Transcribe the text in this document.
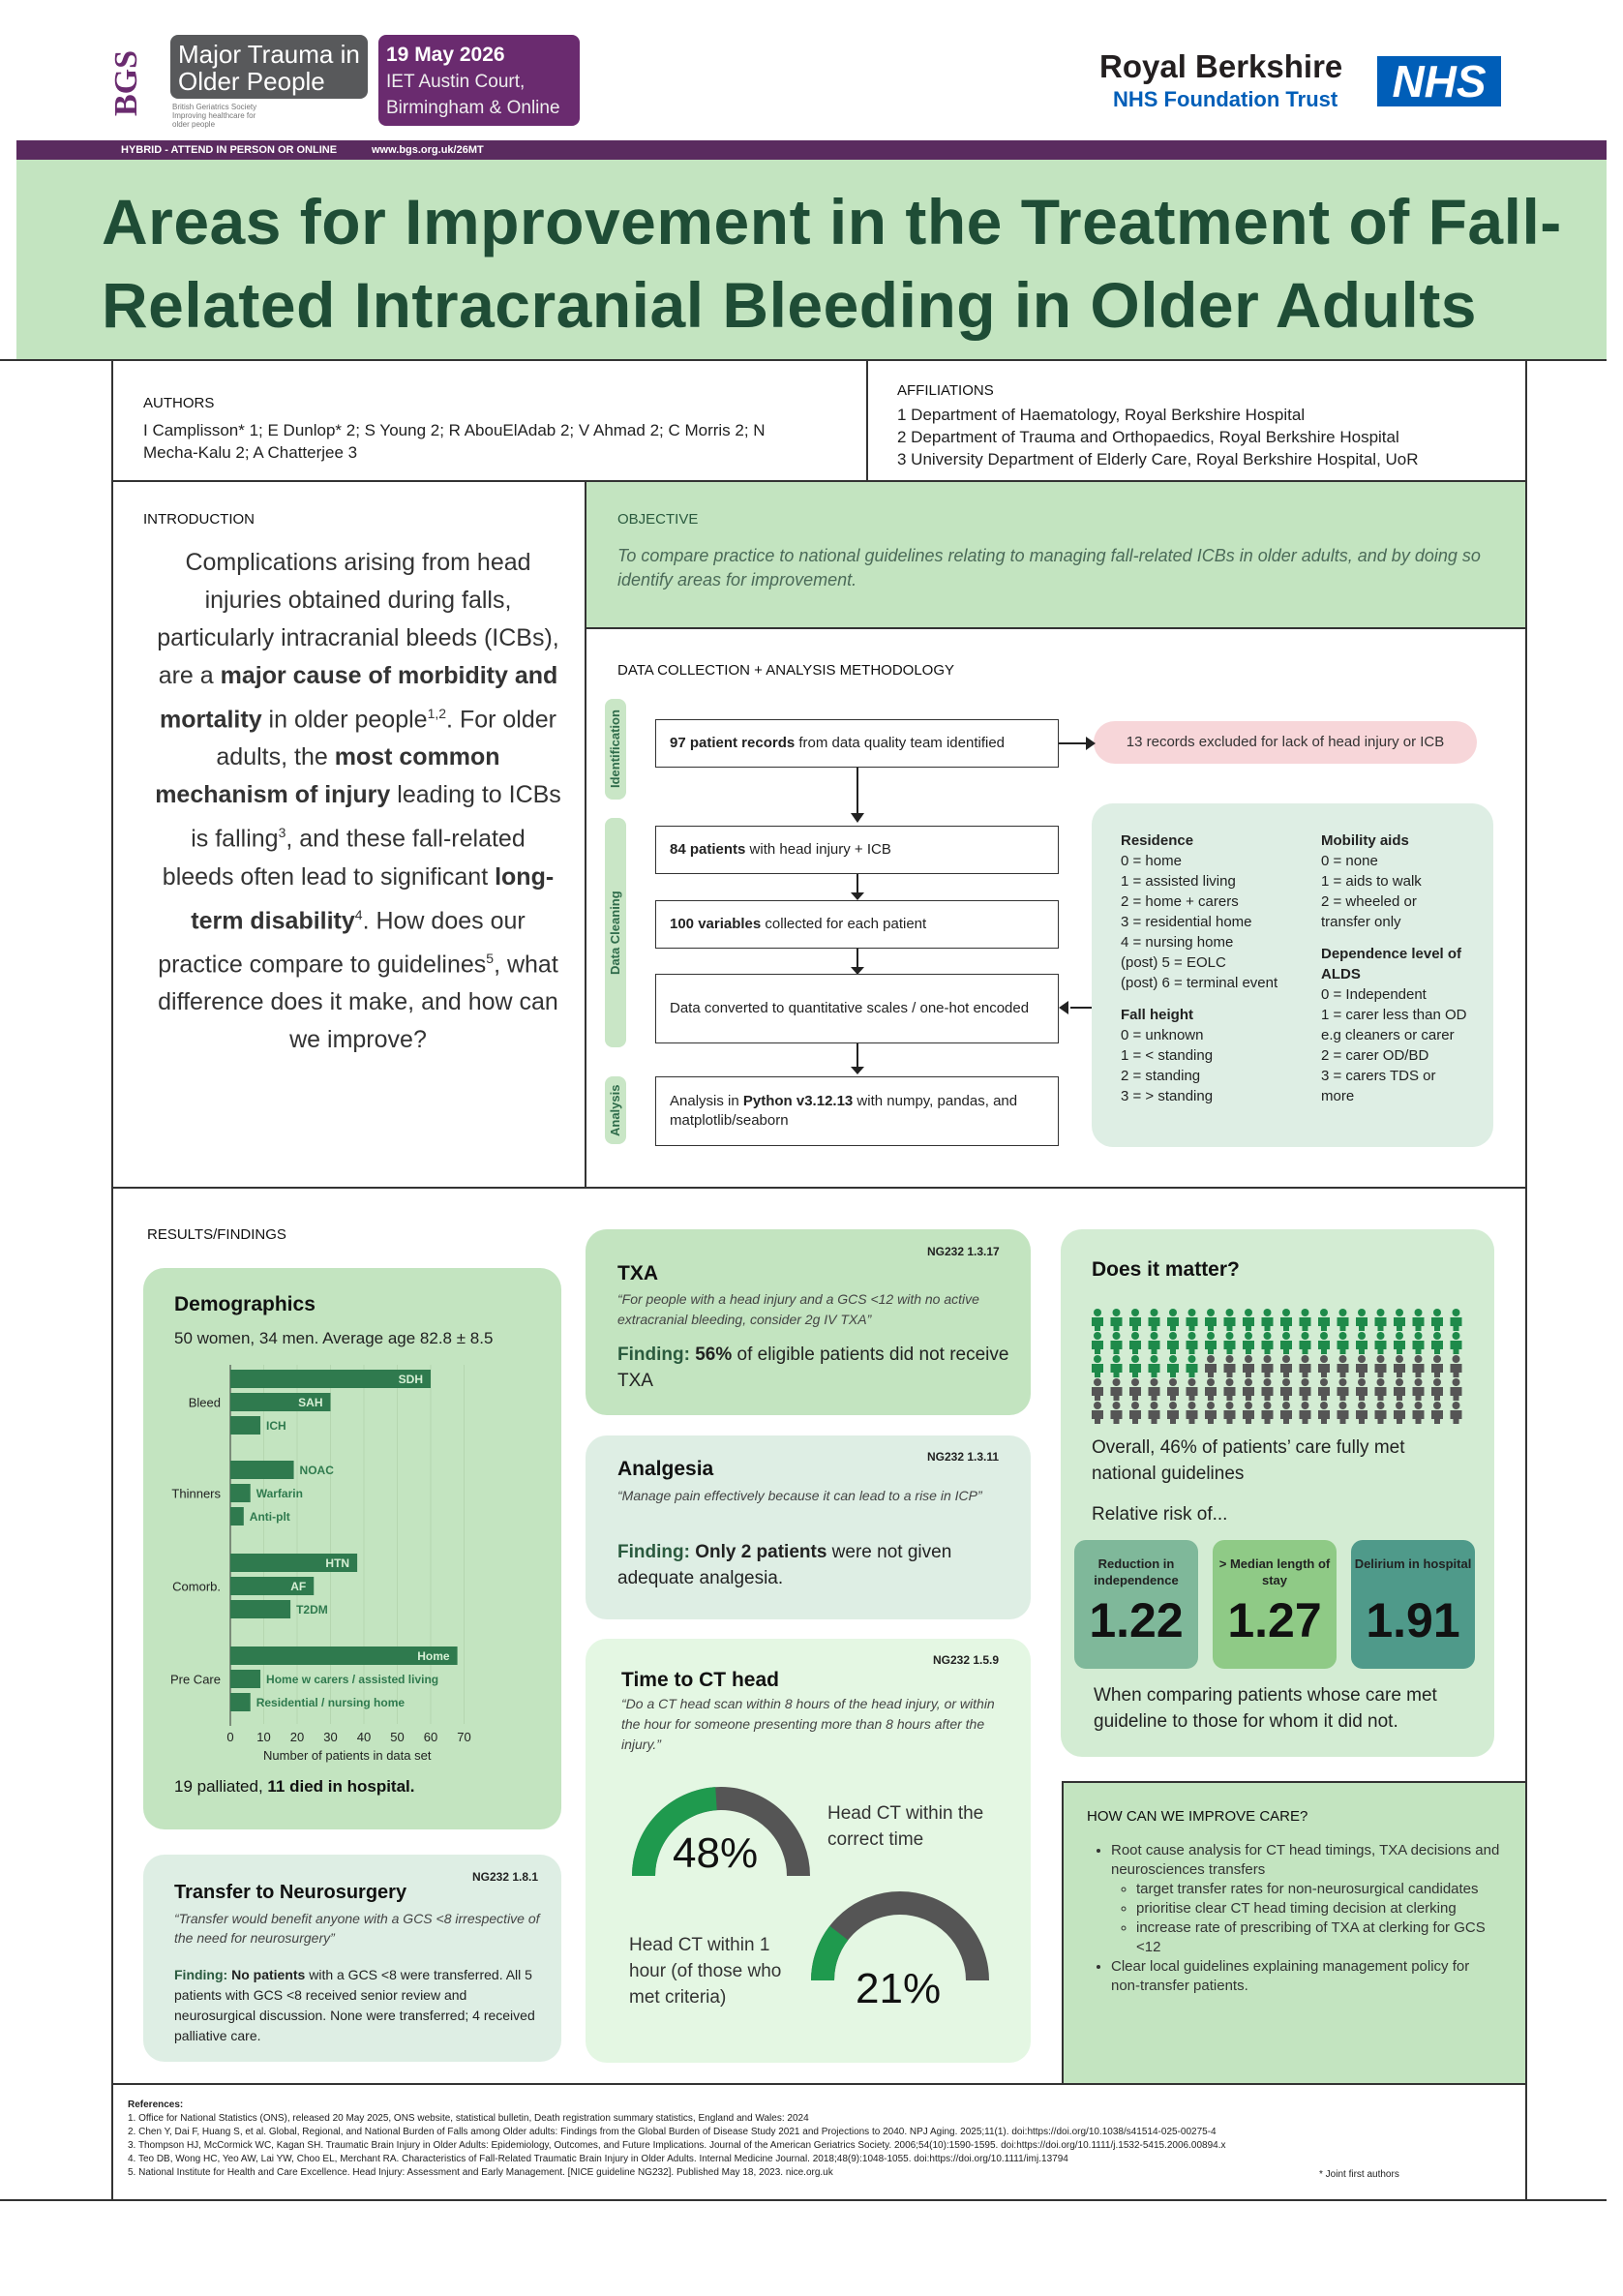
BGS	Major Trauma in Older People
British Geriatrics Society Improving healthcare for older people
19 May 2026
IET Austin Court, Birmingham & Online
Royal Berkshire
NHS Foundation Trust	NHS
HYBRID - ATTEND IN PERSON OR ONLINE	www.bgs.org.uk/26MT
Areas for Improvement in the Treatment of Fall-Related Intracranial Bleeding in Older Adults
AUTHORS
I Camplisson* 1; E Dunlop* 2; S Young 2; R AbouElAdab 2; V Ahmad 2; C Morris 2; N Mecha-Kalu 2; A Chatterjee 3
AFFILIATIONS
1 Department of Haematology, Royal Berkshire Hospital
2 Department of Trauma and Orthopaedics, Royal Berkshire Hospital
3 University Department of Elderly Care, Royal Berkshire Hospital, UoR
INTRODUCTION
Complications arising from head injuries obtained during falls, particularly intracranial bleeds (ICBs), are a major cause of morbidity and mortality in older people$^{1,2}$. For older adults, the most common mechanism of injury leading to ICBs is falling$^3$, and these fall-related bleeds often lead to significant long-term disability$^4$. How does our practice compare to guidelines$^5$, what difference does it make, and how can we improve?
OBJECTIVE
To compare practice to national guidelines relating to managing fall-related ICBs in older adults, and by doing so identify areas for improvement.
DATA COLLECTION + ANALYSIS METHODOLOGY
Identification
Data Cleaning
Analysis
97 patient records from data quality team identified	13 records excluded for lack of head injury or ICB
84 patients with head injury + ICB
100 variables collected for each patient
Data converted to quantitative scales / one-hot encoded
Analysis in Python v3.12.13 with numpy, pandas, and matplotlib/seaborn
Residence
0 = home
1 = assisted living
2 = home + carers
3 = residential home
4 = nursing home
(post) 5 = EOLC
(post) 6 = terminal event
Fall height
0 = unknown
1 = < standing
2 = standing
3 = > standing
Mobility aids
0 = none
1 = aids to walk
2 = wheeled or
transfer only
Dependence level of ALDS
0 = Independent
1 = carer less than OD
e.g cleaners or carer
2 = carer OD/BD
3 = carers TDS or
more
RESULTS/FINDINGS
Demographics
50 women, 34 men. Average age 82.8 ± 8.5
0 10 20 30 40 50 60 70
Number of patients in data set
Bleed
SDH
SAH
ICH
Thinners
NOAC
Warfarin
Anti-plt
Comorb.
HTN
AF
T2DM
Pre Care
Home
Home w carers / assisted living
Residential / nursing home
19 palliated, 11 died in hospital.
NG232 1.8.1
Transfer to Neurosurgery
“Transfer would benefit anyone with a GCS <8 irrespective of the need for neurosurgery”
Finding: No patients with a GCS <8 were transferred. All 5 patients with GCS <8 received senior review and neurosurgical discussion. None were transferred; 4 received palliative care.
NG232 1.3.17
TXA
“For people with a head injury and a GCS <12 with no active extracranial bleeding, consider 2g IV TXA”
Finding: 56% of eligible patients did not receive TXA
NG232 1.3.11
Analgesia
“Manage pain effectively because it can lead to a rise in ICP”
Finding: Only 2 patients were not given adequate analgesia.
NG232 1.5.9
Time to CT head
“Do a CT head scan within 8 hours of the head injury, or within the hour for someone presenting more than 8 hours after the injury.”
48%
Head CT within the correct time
21%
Head CT within 1 hour (of those who met criteria)
Does it matter?
Overall, 46% of patients’ care fully met national guidelines
Relative risk of...
Reduction in independence
1.22
> Median length of stay
1.27
Delirium in hospital
1.91
When comparing patients whose care met guideline to those for whom it did not.
HOW CAN WE IMPROVE CARE?
• Root cause analysis for CT head timings, TXA decisions and neurosciences transfers
◦ target transfer rates for non-neurosurgical candidates
◦ prioritise clear CT head timing decision at clerking
◦ increase rate of prescribing of TXA at clerking for GCS <12
• Clear local guidelines explaining management policy for non-transfer patients.
References:
1. Office for National Statistics (ONS), released 20 May 2025, ONS website, statistical bulletin, Death registration summary statistics, England and Wales: 2024
2. Chen Y, Dai F, Huang S, et al. Global, Regional, and National Burden of Falls among Older adults: Findings from the Global Burden of Disease Study 2021 and Projections to 2040. NPJ Aging. 2025;11(1). doi:https://doi.org/10.1038/s41514-025-00275-4
3. Thompson HJ, McCormick WC, Kagan SH. Traumatic Brain Injury in Older Adults: Epidemiology, Outcomes, and Future Implications. Journal of the American Geriatrics Society. 2006;54(10):1590-1595. doi:https://doi.org/10.1111/j.1532-5415.2006.00894.x
4. Teo DB, Wong HC, Yeo AW, Lai YW, Choo EL, Merchant RA. Characteristics of Fall-Related Traumatic Brain Injury in Older Adults. Internal Medicine Journal. 2018;48(9):1048-1055. doi:https://doi.org/10.1111/imj.13794
5. National Institute for Health and Care Excellence. Head Injury: Assessment and Early Management. [NICE guideline NG232]. Published May 18, 2023. nice.org.uk	* Joint first authors
